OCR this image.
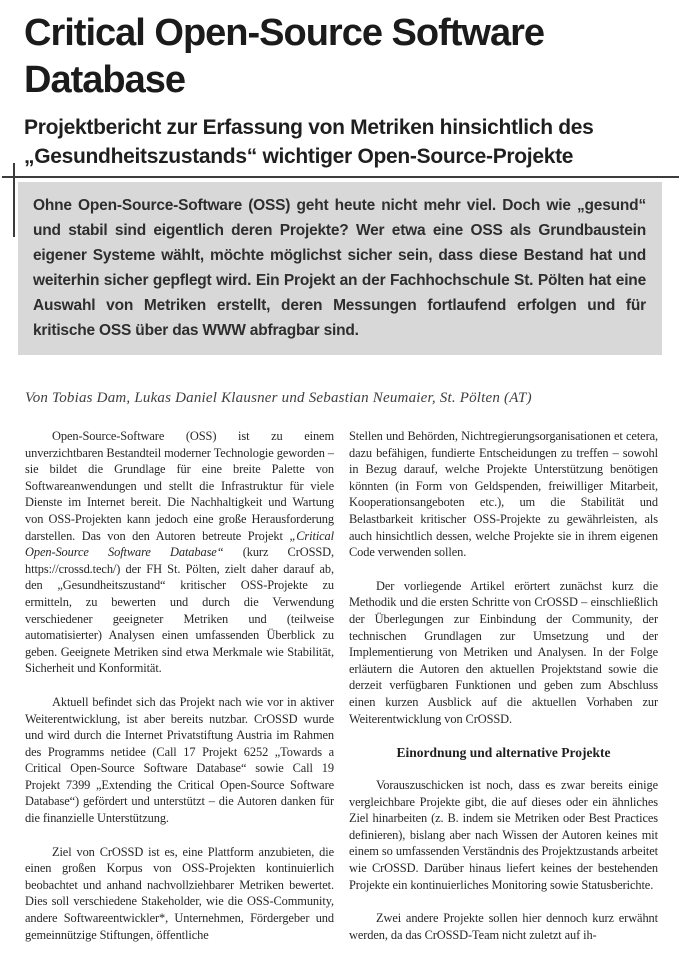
Critical Open-Source Software
Database
Projektbericht zur Erfassung von Metriken hinsichtlich des
„Gesundheitszustands“ wichtiger Open-Source-Projekte

Ohne Open-Source-Software (OSS) geht heute nicht mehr viel. Doch wie „gesund“ und stabil sind eigentlich deren Projekte? Wer etwa eine OSS als Grundbaustein eigener Systeme wählt, möchte möglichst sicher sein, dass diese Bestand hat und weiterhin sicher gepflegt wird. Ein Projekt an der Fachhochschule St. Pölten hat eine Auswahl von Metriken erstellt, deren Messungen fortlaufend erfolgen und für kritische OSS über das WWW abfragbar sind.

Von Tobias Dam, Lukas Daniel Klausner und Sebastian Neumaier, St. Pölten (AT)

Open-Source-Software (OSS) ist zu einem unverzichtbaren Bestandteil moderner Technologie geworden – sie bildet die Grundlage für eine breite Palette von Softwareanwendungen und stellt die Infrastruktur für viele Dienste im Internet bereit. Die Nachhaltigkeit und Wartung von OSS-Projekten kann jedoch eine große Herausforderung darstellen. Das von den Autoren betreute Projekt „Critical Open-Source Software Database“ (kurz CrOSSD, https://crossd.tech/) der FH St. Pölten, zielt daher darauf ab, den „Gesundheitszustand“ kritischer OSS-Projekte zu ermitteln, zu bewerten und durch die Verwendung verschiedener geeigneter Metriken und (teilweise automatisierter) Analysen einen umfassenden Überblick zu geben. Geeignete Metriken sind etwa Merkmale wie Stabilität, Sicherheit und Konformität.

Aktuell befindet sich das Projekt nach wie vor in aktiver Weiterentwicklung, ist aber bereits nutzbar. CrOSSD wurde und wird durch die Internet Privatstiftung Austria im Rahmen des Programms netidee (Call 17 Projekt 6252 „Towards a Critical Open-Source Software Database“ sowie Call 19 Projekt 7399 „Extending the Critical Open-Source Software Database“) gefördert und unterstützt – die Autoren danken für die finanzielle Unterstützung.

Ziel von CrOSSD ist es, eine Plattform anzubieten, die einen großen Korpus von OSS-Projekten kontinuierlich beobachtet und anhand nachvollziehbarer Metriken bewertet. Dies soll verschiedene Stakeholder, wie die OSS-Community, andere Softwareentwickler*, Unternehmen, Fördergeber und gemeinnützige Stiftungen, öffentliche

Stellen und Behörden, Nichtregierungsorganisationen et cetera, dazu befähigen, fundierte Entscheidungen zu treffen – sowohl in Bezug darauf, welche Projekte Unterstützung benötigen könnten (in Form von Geldspenden, freiwilliger Mitarbeit, Kooperationsangeboten etc.), um die Stabilität und Belastbarkeit kritischer OSS-Projekte zu gewährleisten, als auch hinsichtlich dessen, welche Projekte sie in ihrem eigenen Code verwenden sollen.

Der vorliegende Artikel erörtert zunächst kurz die Methodik und die ersten Schritte von CrOSSD – einschließlich der Überlegungen zur Einbindung der Community, der technischen Grundlagen zur Umsetzung und der Implementierung von Metriken und Analysen. In der Folge erläutern die Autoren den aktuellen Projektstand sowie die derzeit verfügbaren Funktionen und geben zum Abschluss einen kurzen Ausblick auf die aktuellen Vorhaben zur Weiterentwicklung von CrOSSD.

Einordnung und alternative Projekte

Vorauszuschicken ist noch, dass es zwar bereits einige vergleichbare Projekte gibt, die auf dieses oder ein ähnliches Ziel hinarbeiten (z. B. indem sie Metriken oder Best Practices definieren), bislang aber nach Wissen der Autoren keines mit einem so umfassenden Verständnis des Projektzustands arbeitet wie CrOSSD. Darüber hinaus liefert keines der bestehenden Projekte ein kontinuierliches Monitoring sowie Statusberichte.

Zwei andere Projekte sollen hier dennoch kurz erwähnt werden, da das CrOSSD-Team nicht zuletzt auf ih-
